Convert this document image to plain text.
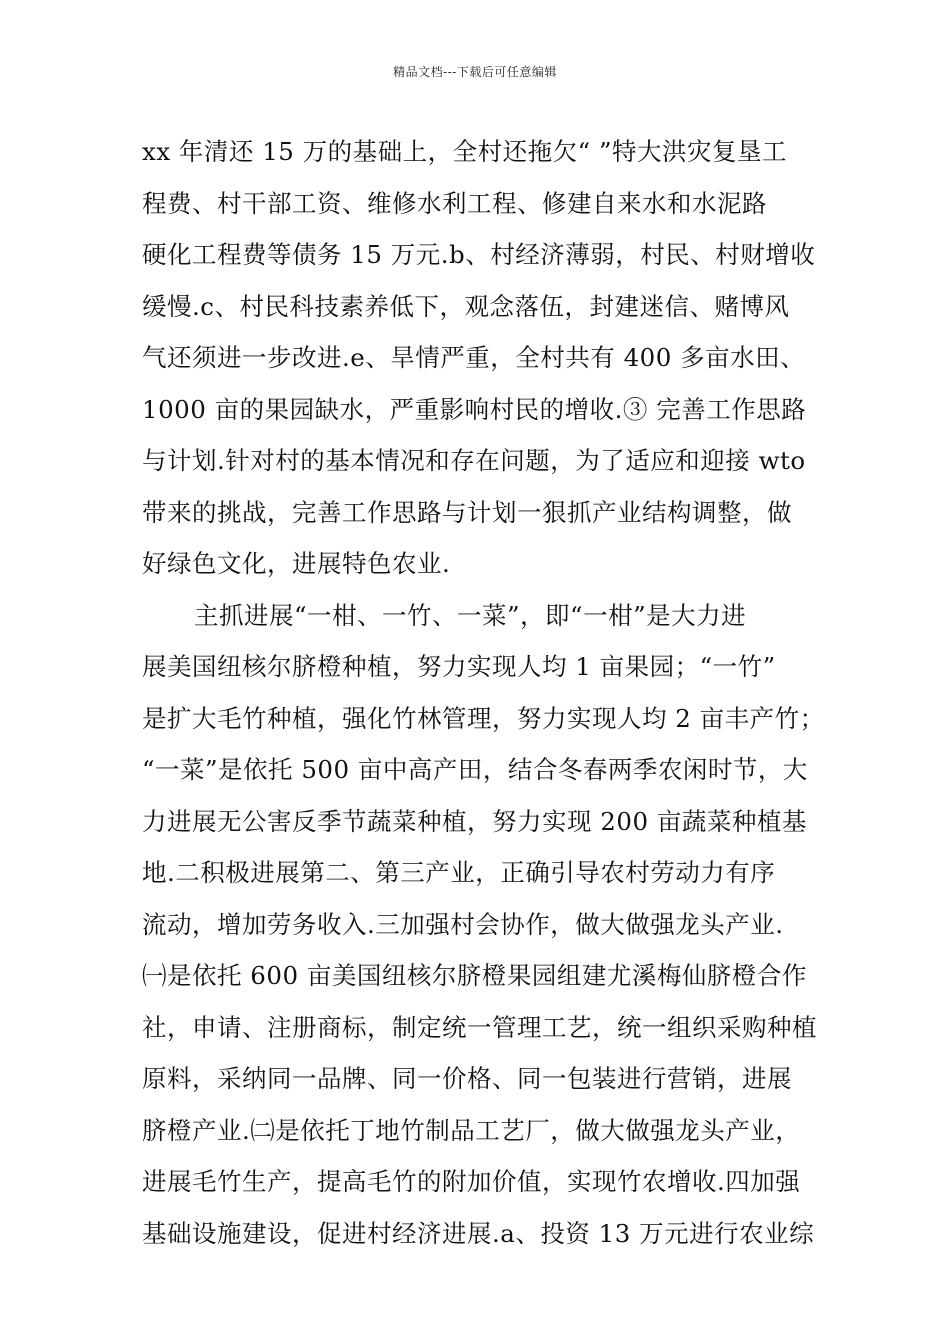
精品文档---下载后可任意编辑
xx 年清还 15 万的基础上，全村还拖欠“ ”特大洪灾复垦工
程费、村干部工资、维修水利工程、修建自来水和水泥路
硬化工程费等债务 15 万元.b、村经济薄弱，村民、村财增收
缓慢.c、村民科技素养低下，观念落伍，封建迷信、赌博风
气还须进一步改进.e、旱情严重，全村共有 400 多亩水田、
1000 亩的果园缺水，严重影响村民的增收.③ 完善工作思路
与计划.针对村的基本情况和存在问题，为了适应和迎接 wto
带来的挑战，完善工作思路与计划一狠抓产业结构调整，做
好绿色文化，进展特色农业.
主抓进展“一柑、一竹、一菜”，即“一柑”是大力进
展美国纽核尔脐橙种植，努力实现人均 1 亩果园；“一竹”
是扩大毛竹种植，强化竹林管理，努力实现人均 2 亩丰产竹；
“一菜”是依托 500 亩中高产田，结合冬春两季农闲时节，大
力进展无公害反季节蔬菜种植，努力实现 200 亩蔬菜种植基
地.二积极进展第二、第三产业，正确引导农村劳动力有序
流动，增加劳务收入.三加强村会协作，做大做强龙头产业.
㈠是依托 600 亩美国纽核尔脐橙果园组建尤溪梅仙脐橙合作
社，申请、注册商标，制定统一管理工艺，统一组织采购种植
原料，采纳同一品牌、同一价格、同一包装进行营销，进展
脐橙产业.㈡是依托丁地竹制品工艺厂，做大做强龙头产业，
进展毛竹生产，提高毛竹的附加价值，实现竹农增收.四加强
基础设施建设，促进村经济进展.a、投资 13 万元进行农业综
